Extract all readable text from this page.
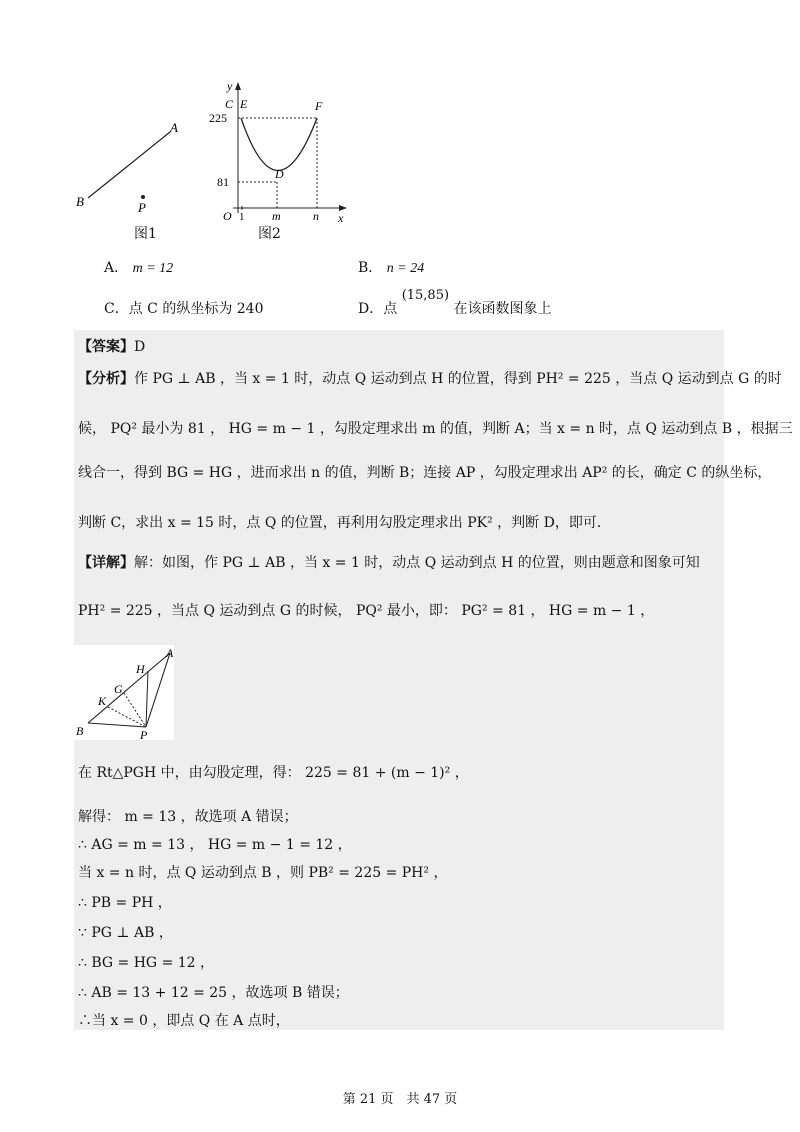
A
B	P
图1
y
C E	F
225
D
81
O 1 m	n x
图2
A． m = 12	B． n = 24
C．点 C 的纵坐标为 240	D．点 (15,85) 在该函数图象上
【答案】D
【分析】作 PG ⊥ AB ，当 x = 1 时，动点 Q 运动到点 H 的位置，得到 PH² = 225 ，当点 Q 运动到点 G 的时
候， PQ² 最小为 81 ， HG = m − 1 ，勾股定理求出 m 的值，判断 A；当 x = n 时，点 Q 运动到点 B ，根据三
线合一，得到 BG = HG ，进而求出 n 的值，判断 B；连接 AP ，勾股定理求出 AP² 的长，确定 C 的纵坐标，
判断 C，求出 x = 15 时，点 Q 的位置，再利用勾股定理求出 PK² ，判断 D，即可．
【详解】解：如图，作 PG ⊥ AB ，当 x = 1 时，动点 Q 运动到点 H 的位置，则由题意和图象可知
PH² = 225 ，当点 Q 运动到点 G 的时候， PQ² 最小，即： PG² = 81 ， HG = m − 1 ，
A
H
G
K
B	P
在 Rt△PGH 中，由勾股定理，得： 225 = 81 + (m − 1)² ，
解得： m = 13 ，故选项 A 错误；
∴ AG = m = 13 ， HG = m − 1 = 12 ，
当 x = n 时，点 Q 运动到点 B ，则 PB² = 225 = PH² ，
∴ PB = PH ，
∵ PG ⊥ AB ，
∴ BG = HG = 12 ，
∴ AB = 13 + 12 = 25 ，故选项 B 错误；
∴当 x = 0 ，即点 Q 在 A 点时，
第 21 页　共 47 页
